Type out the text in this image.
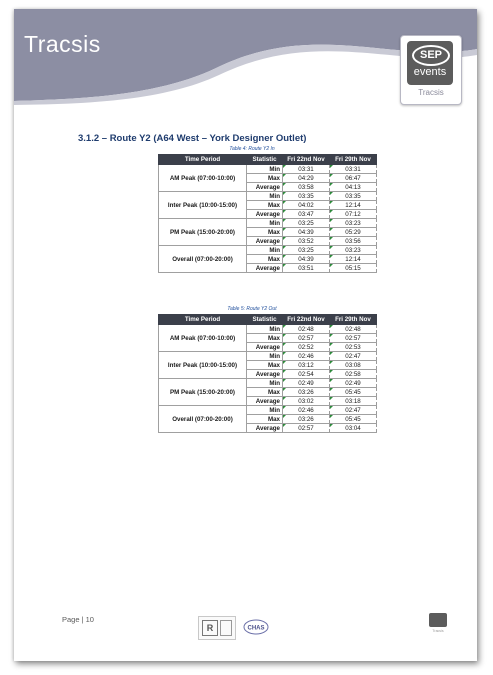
Tracsis	SEP
events
Tracsis
3.1.2 – Route Y2 (A64 West – York Designer Outlet)
Table 4: Route Y2 In
Time Period	Statistic	Fri 22nd Nov	Fri 29th Nov
AM Peak (07:00-10:00)	Min	03:31	03:31
	Max	04:29	06:47
	Average	03:58	04:13
Inter Peak (10:00-15:00)	Min	03:35	03:35
	Max	04:02	12:14
	Average	03:47	07:12
PM Peak (15:00-20:00)	Min	03:25	03:23
	Max	04:39	05:29
	Average	03:52	03:56
Overall (07:00-20:00)	Min	03:25	03:23
	Max	04:39	12:14
	Average	03:51	05:15
Table 5: Route Y2 Out
Time Period	Statistic	Fri 22nd Nov	Fri 29th Nov
AM Peak (07:00-10:00)	Min	02:48	02:48
	Max	02:57	02:57
	Average	02:52	02:53
Inter Peak (10:00-15:00)	Min	02:46	02:47
	Max	03:12	03:08
	Average	02:54	02:58
PM Peak (15:00-20:00)	Min	02:49	02:49
	Max	03:26	05:45
	Average	03:02	03:18
Overall (07:00-20:00)	Min	02:46	02:47
	Max	03:26	05:45
	Average	02:57	03:04
Page | 10
R	CHAS	Tracsis
